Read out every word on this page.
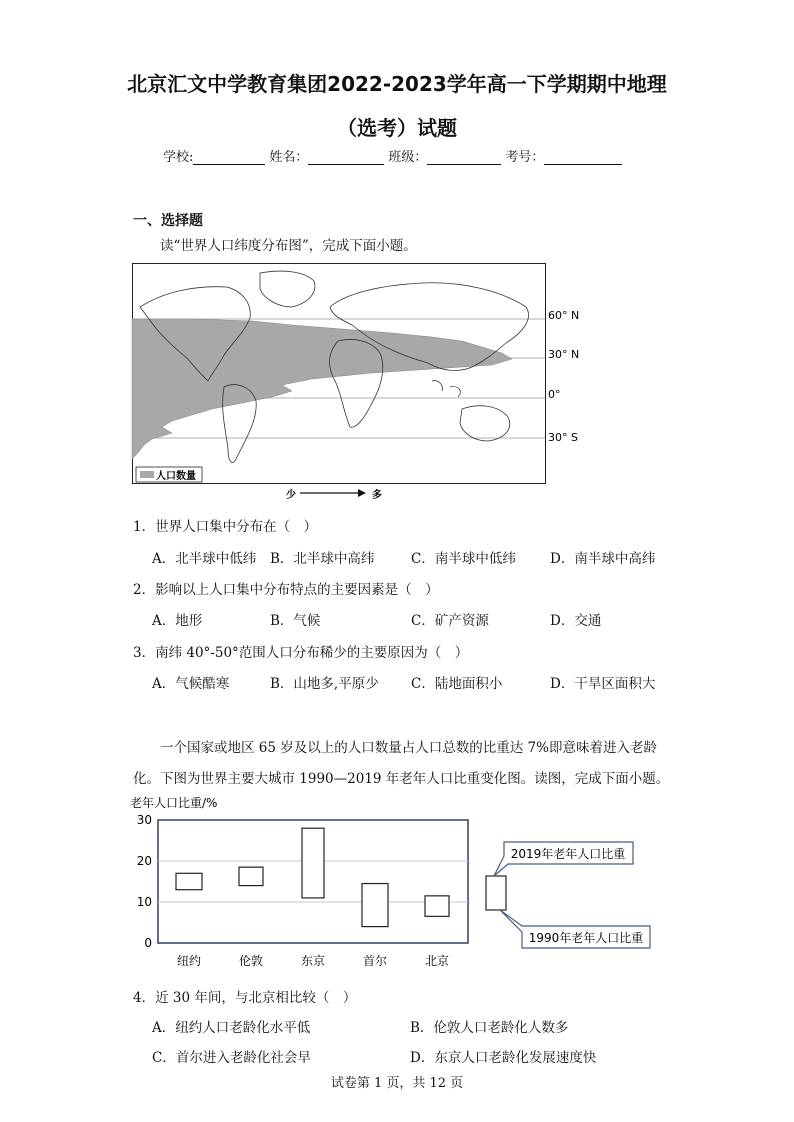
北京汇文中学教育集团2022-2023学年高一下学期期中地理
（选考）试题
学校:	姓名：	班级：	考号：
一、选择题
读“世界人口纬度分布图”，完成下面小题。
60° N
30° N
0°
30° S
人口数量
少	多
1．世界人口集中分布在（　）
A．北半球中低纬 B．北半球中高纬	C．南半球中低纬	D．南半球中高纬
2．影响以上人口集中分布特点的主要因素是（　）
A．地形	B．气候	C．矿产资源	D．交通
3．南纬 40°-50°范围人口分布稀少的主要原因为（　）
A．气候酷寒	B．山地多,平原少 C．陆地面积小	D．干旱区面积大
一个国家或地区 65 岁及以上的人口数量占人口总数的比重达 7%即意味着进入老龄
化。下图为世界主要大城市 1990—2019 年老年人口比重变化图。读图，完成下面小题。
老年人口比重/%
0
10
20
30
纽约	伦敦	东京	首尔	北京
2019年老年人口比重
1990年老年人口比重
4．近 30 年间，与北京相比较（　）
A．纽约人口老龄化水平低	B．伦敦人口老龄化人数多
C．首尔进入老龄化社会早	D．东京人口老龄化发展速度快
试卷第 1 页，共 12 页
